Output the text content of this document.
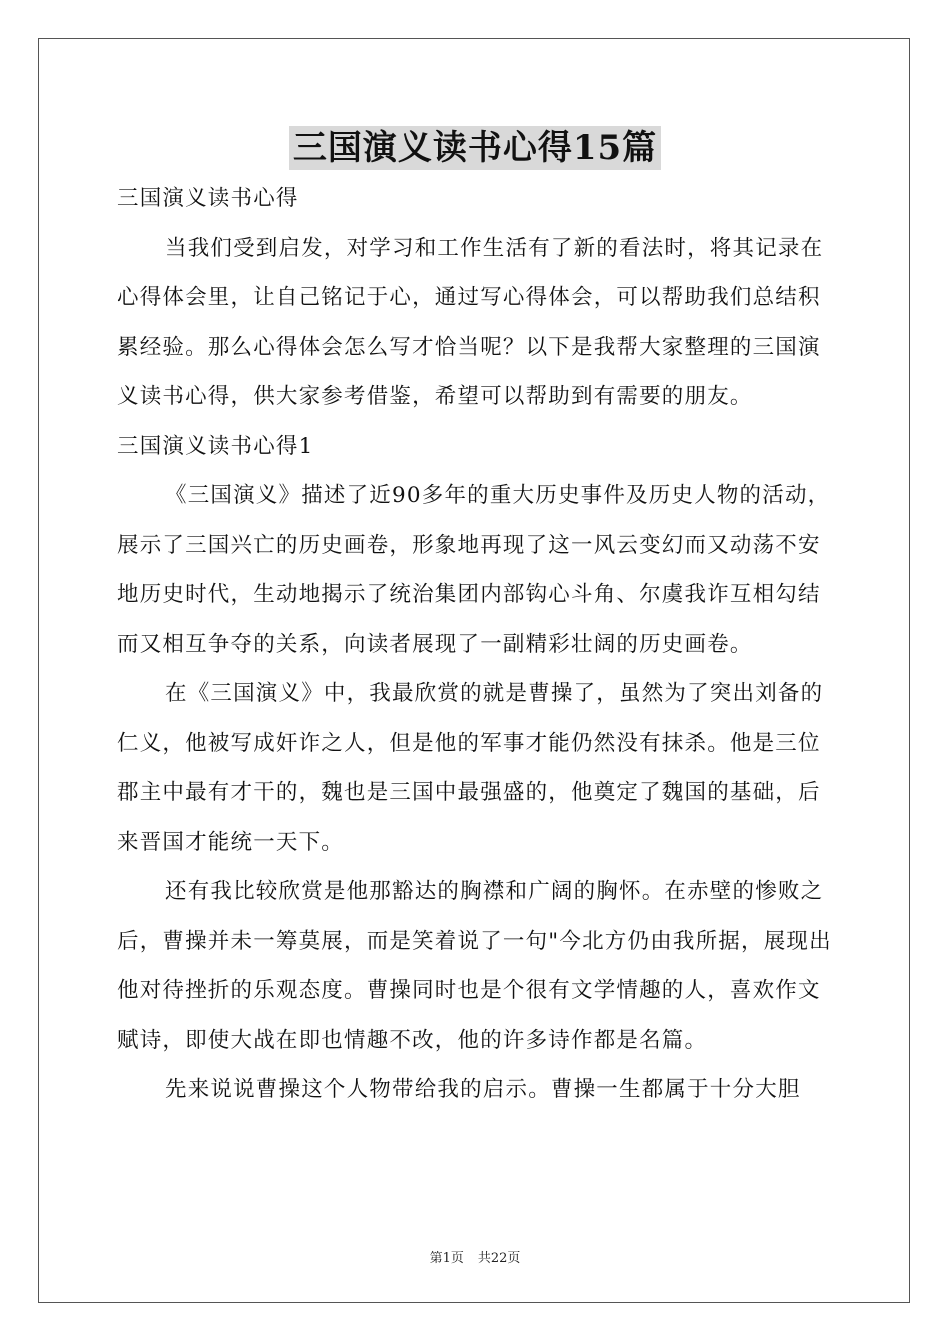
三国演义读书心得15篇

三国演义读书心得

当我们受到启发，对学习和工作生活有了新的看法时，将其记录在心得体会里，让自己铭记于心，通过写心得体会，可以帮助我们总结积累经验。那么心得体会怎么写才恰当呢？以下是我帮大家整理的三国演义读书心得，供大家参考借鉴，希望可以帮助到有需要的朋友。

三国演义读书心得1

《三国演义》描述了近90多年的重大历史事件及历史人物的活动，展示了三国兴亡的历史画卷，形象地再现了这一风云变幻而又动荡不安地历史时代，生动地揭示了统治集团内部钩心斗角、尔虞我诈互相勾结而又相互争夺的关系，向读者展现了一副精彩壮阔的历史画卷。

在《三国演义》中，我最欣赏的就是曹操了，虽然为了突出刘备的仁义，他被写成奸诈之人，但是他的军事才能仍然没有抹杀。他是三位郡主中最有才干的，魏也是三国中最强盛的，他奠定了魏国的基础，后来晋国才能统一天下。

还有我比较欣赏是他那豁达的胸襟和广阔的胸怀。在赤壁的惨败之后，曹操并未一筹莫展，而是笑着说了一句"今北方仍由我所据，展现出他对待挫折的乐观态度。曹操同时也是个很有文学情趣的人，喜欢作文赋诗，即使大战在即也情趣不改，他的许多诗作都是名篇。

先来说说曹操这个人物带给我的启示。曹操一生都属于十分大胆

第1页 共22页
